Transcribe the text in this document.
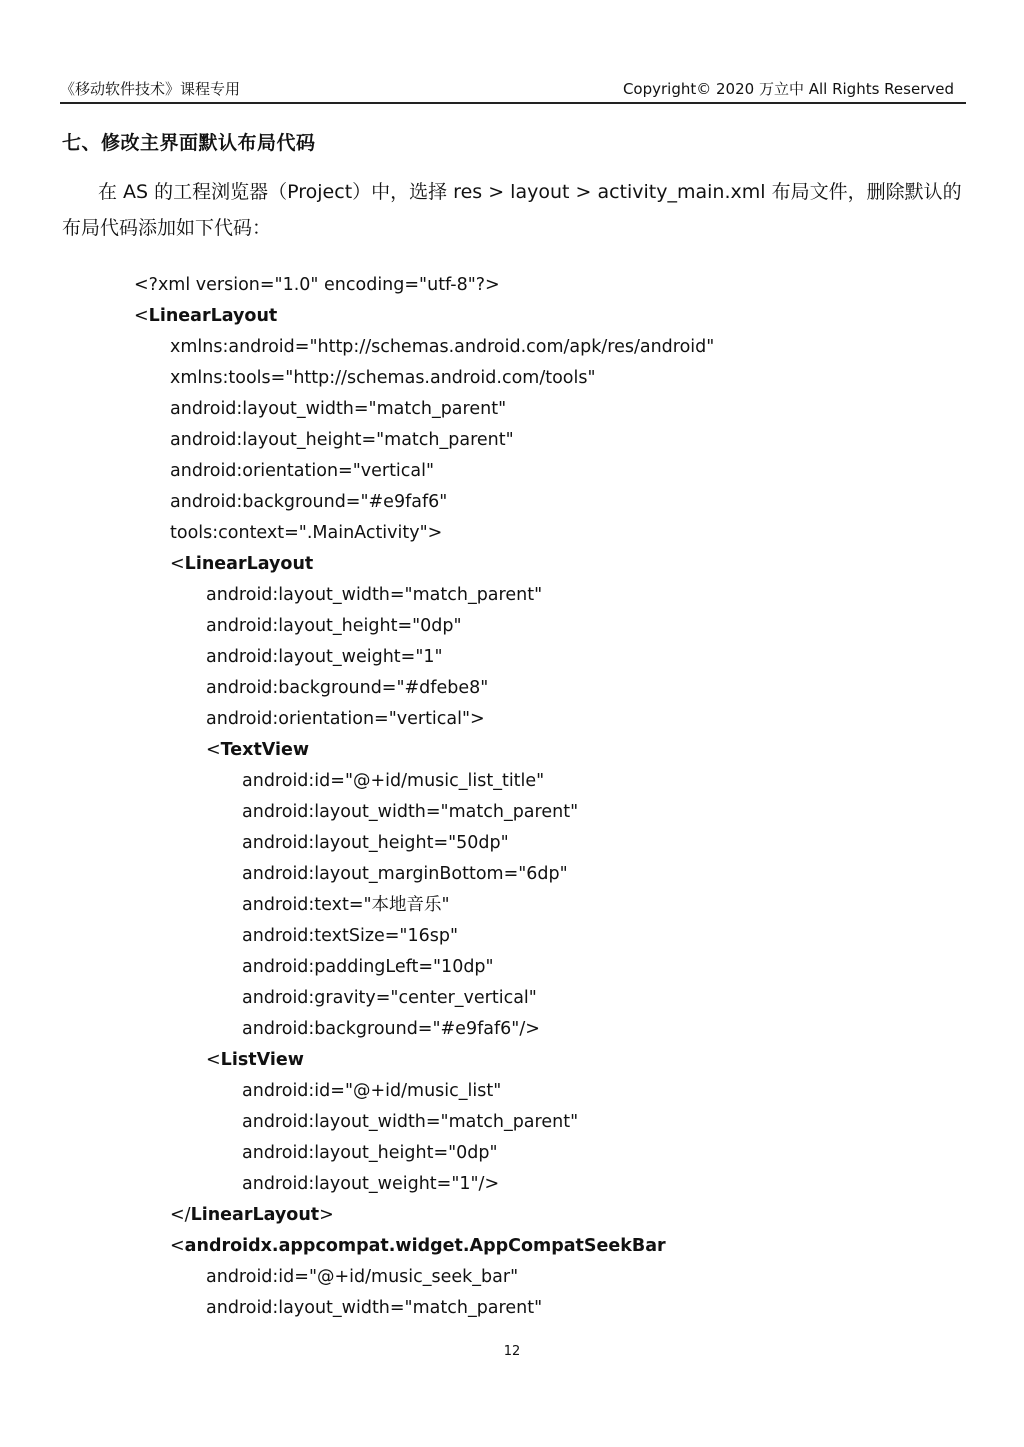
《移动软件技术》课程专用	Copyright© 2020 万立中 All Rights Reserved
七、修改主界面默认布局代码

在 AS 的工程浏览器（Project）中，选择 res > layout > activity_main.xml 布局文件，删除默认的布局代码添加如下代码：

<?xml version="1.0" encoding="utf-8"?>
<LinearLayout
xmlns:android="http://schemas.android.com/apk/res/android"
xmlns:tools="http://schemas.android.com/tools"
android:layout_width="match_parent"
android:layout_height="match_parent"
android:orientation="vertical"
android:background="#e9faf6"
tools:context=".MainActivity">
<LinearLayout
android:layout_width="match_parent"
android:layout_height="0dp"
android:layout_weight="1"
android:background="#dfebe8"
android:orientation="vertical">
<TextView
android:id="@+id/music_list_title"
android:layout_width="match_parent"
android:layout_height="50dp"
android:layout_marginBottom="6dp"
android:text="本地音乐"
android:textSize="16sp"
android:paddingLeft="10dp"
android:gravity="center_vertical"
android:background="#e9faf6"/>
<ListView
android:id="@+id/music_list"
android:layout_width="match_parent"
android:layout_height="0dp"
android:layout_weight="1"/>
</LinearLayout>
<androidx.appcompat.widget.AppCompatSeekBar
android:id="@+id/music_seek_bar"
android:layout_width="match_parent"
12
